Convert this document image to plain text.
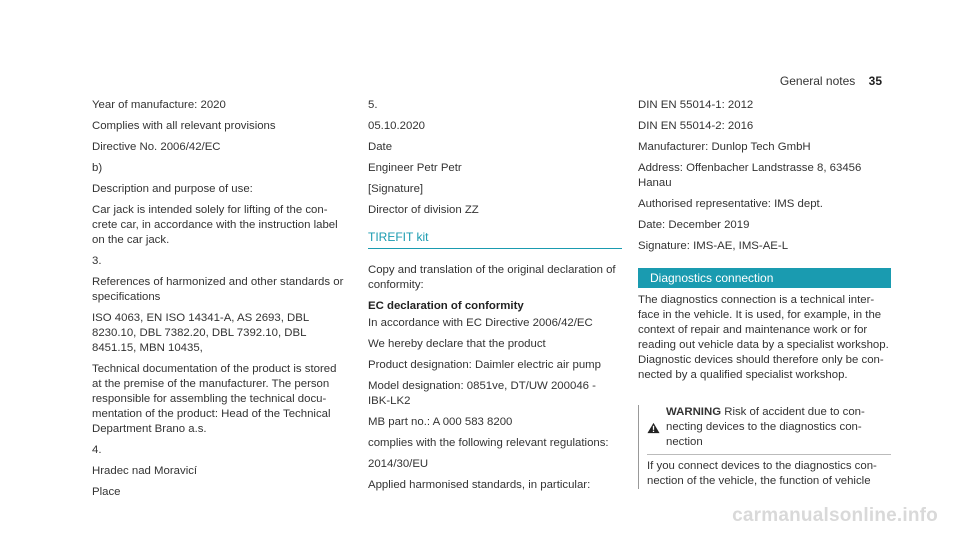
General notes 35

Year of manufacture: 2020

Complies with all relevant provisions

Directive No. 2006/42/EC

b)

Description and purpose of use:

Car jack is intended solely for lifting of the con-
crete car, in accordance with the instruction label
on the car jack.

3.

References of harmonized and other standards or
specifications

ISO 4063, EN ISO 14341-A, AS 2693, DBL
8230.10, DBL 7382.20, DBL 7392.10, DBL
8451.15, MBN 10435,

Technical documentation of the product is stored
at the premise of the manufacturer. The person
responsible for assembling the technical docu-
mentation of the product: Head of the Technical
Department Brano a.s.

4.

Hradec nad Moravicí

Place

5.

05.10.2020

Date

Engineer Petr Petr

[Signature]

Director of division ZZ

TIREFIT kit

Copy and translation of the original declaration of
conformity:

EC declaration of conformity

In accordance with EC Directive 2006/42/EC

We hereby declare that the product

Product designation: Daimler electric air pump

Model designation: 0851ve, DT/UW 200046 -
IBK-LK2

MB part no.: A 000 583 8200

complies with the following relevant regulations:

2014/30/EU

Applied harmonised standards, in particular:

DIN EN 55014-1: 2012

DIN EN 55014-2: 2016

Manufacturer: Dunlop Tech GmbH

Address: Offenbacher Landstrasse 8, 63456
Hanau

Authorised representative: IMS dept.

Date: December 2019

Signature: IMS-AE, IMS-AE-L

Diagnostics connection

The diagnostics connection is a technical inter-
face in the vehicle. It is used, for example, in the
context of repair and maintenance work or for
reading out vehicle data by a specialist workshop.
Diagnostic devices should therefore only be con-
nected by a qualified specialist workshop.

WARNING Risk of accident due to con-
necting devices to the diagnostics con-
nection
If you connect devices to the diagnostics con-
nection of the vehicle, the function of vehicle
carmanualsonline.info
